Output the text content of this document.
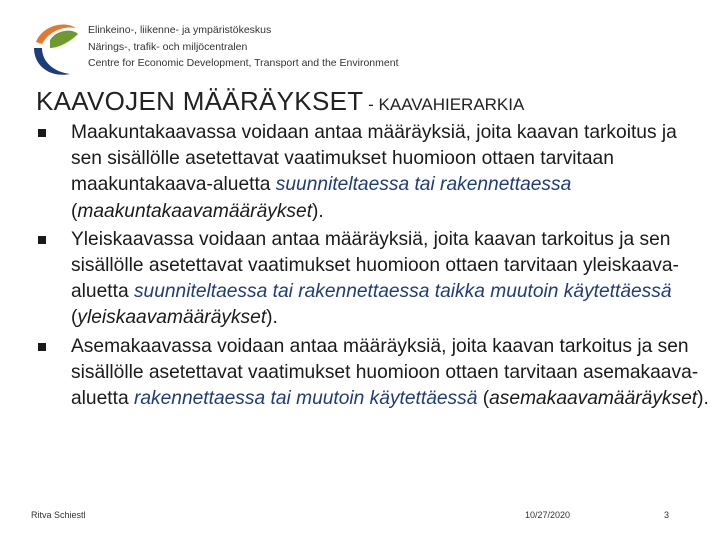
Elinkeino-, liikenne- ja ympäristökeskus
Närings-, trafik- och miljöcentralen
Centre for Economic Development, Transport and the Environment
KAAVOJEN MÄÄRÄYKSET - KAAVAHIERARKIA
Maakuntakaavassa voidaan antaa määräyksiä, joita kaavan tarkoitus ja sen sisällölle asetettavat vaatimukset huomioon ottaen tarvitaan maakuntakaava-aluetta suunniteltaessa tai rakennettaessa (maakuntakaavamääräykset).
Yleiskaavassa voidaan antaa määräyksiä, joita kaavan tarkoitus ja sen sisällölle asetettavat vaatimukset huomioon ottaen tarvitaan yleiskaava-aluetta suunniteltaessa tai rakennettaessa taikka muutoin käytettäessä (yleiskaavamääräykset).
Asemakaavassa voidaan antaa määräyksiä, joita kaavan tarkoitus ja sen sisällölle asetettavat vaatimukset huomioon ottaen tarvitaan asemakaava-aluetta rakennettaessa tai muutoin käytettäessä (asemakaavamääräykset).
Ritva Schiestl	10/27/2020	3
